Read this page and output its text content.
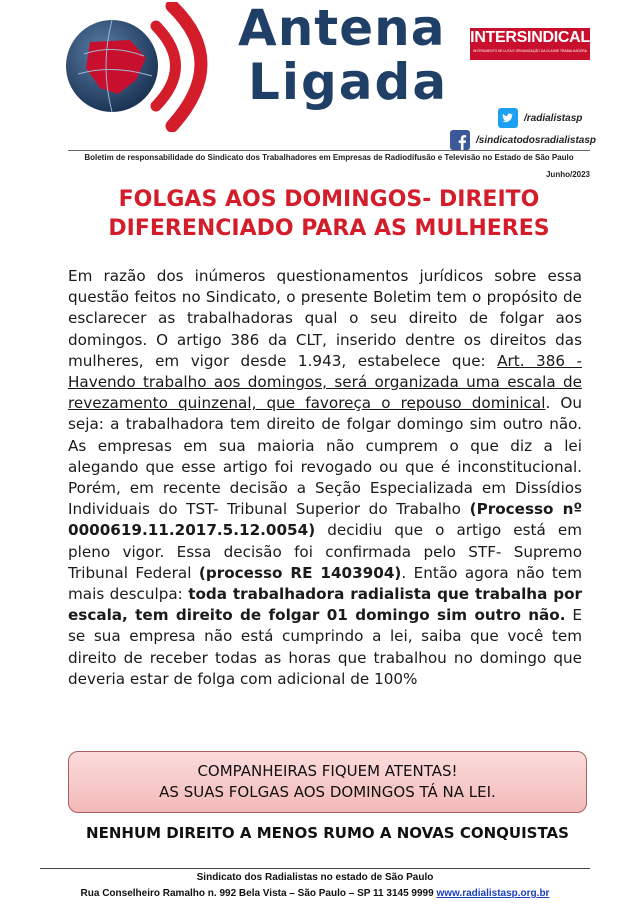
Antena
Ligada
INTERSINDICAL
INSTRUMENTO DE LUTA E ORGANIZAÇÃO DA CLASSE TRABALHADORA
/radialistasp
/sindicatodosradialistasp
Boletim de responsabilidade do Sindicato dos Trabalhadores em Empresas de Radiodifusão e Televisão no Estado de São Paulo
Junho/2023
FOLGAS AOS DOMINGOS- DIREITO
DIFERENCIADO PARA AS MULHERES

Em razão dos inúmeros questionamentos jurídicos sobre essa questão feitos no Sindicato, o presente Boletim tem o propósito de esclarecer as trabalhadoras qual o seu direito de folgar aos domingos. O artigo 386 da CLT, inserido dentre os direitos das mulheres, em vigor desde 1.943, estabelece que: Art. 386 - Havendo trabalho aos domingos, será organizada uma escala de revezamento quinzenal, que favoreça o repouso dominical. Ou seja: a trabalhadora tem direito de folgar domingo sim outro não. As empresas em sua maioria não cumprem o que diz a lei alegando que esse artigo foi revogado ou que é inconstitucional. Porém, em recente decisão a Seção Especializada em Dissídios Individuais do TST- Tribunal Superior do Trabalho (Processo nº 0000619.11.2017.5.12.0054) decidiu que o artigo está em pleno vigor. Essa decisão foi confirmada pelo STF- Supremo Tribunal Federal (processo RE 1403904). Então agora não tem mais desculpa: toda trabalhadora radialista que trabalha por escala, tem direito de folgar 01 domingo sim outro não. E se sua empresa não está cumprindo a lei, saiba que você tem direito de receber todas as horas que trabalhou no domingo que deveria estar de folga com adicional de 100%

COMPANHEIRAS FIQUEM ATENTAS!
AS SUAS FOLGAS AOS DOMINGOS TÁ NA LEI.
NENHUM DIREITO A MENOS RUMO A NOVAS CONQUISTAS
Sindicato dos Radialistas no estado de São Paulo
Rua Conselheiro Ramalho n. 992 Bela Vista – São Paulo – SP 11 3145 9999 www.radialistasp.org.br
